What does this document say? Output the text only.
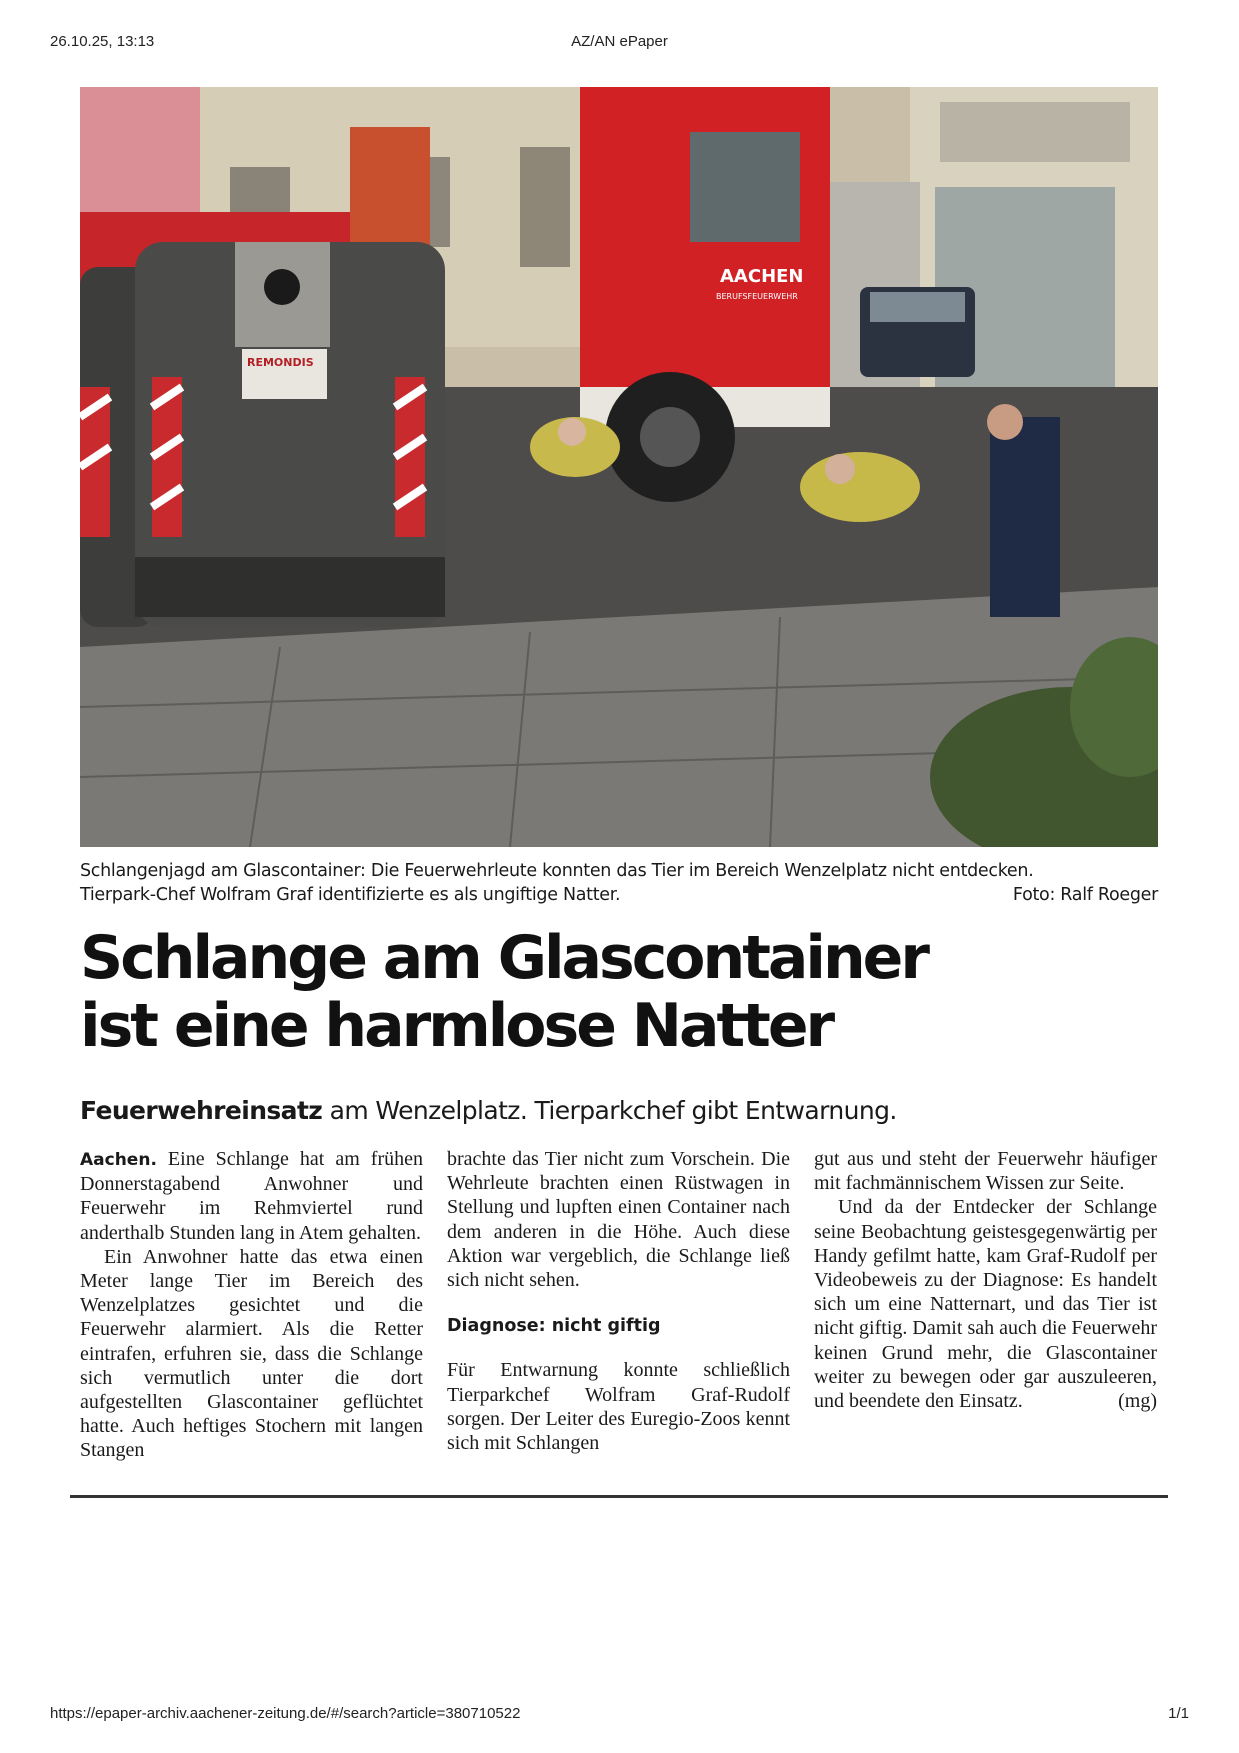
26.10.25, 13:13	AZ/AN ePaper
AACHEN
BERUFSFEUERWEHR
REMONDIS
Schlangenjagd am Glascontainer: Die Feuerwehrleute konnten das Tier im Bereich Wenzelplatz nicht entdecken.
Tierpark-Chef Wolfram Graf identifizierte es als ungiftige Natter.	Foto: Ralf Roeger
Schlange am Glascontainer
ist eine harmlose Natter
Feuerwehreinsatz am Wenzelplatz. Tierparkchef gibt Entwarnung.

Aachen. Eine Schlange hat am frühen Donnerstagabend Anwohner und Feuerwehr im Rehmviertel rund anderthalb Stunden lang in Atem gehalten.

Ein Anwohner hatte das etwa einen Meter lange Tier im Bereich des Wenzelplatzes gesichtet und die Feuerwehr alarmiert. Als die Retter eintrafen, erfuhren sie, dass die Schlange sich vermutlich unter die dort aufgestellten Glascontainer geflüchtet hatte. Auch heftiges Stochern mit langen Stangen

brachte das Tier nicht zum Vorschein. Die Wehrleute brachten einen Rüstwagen in Stellung und lupften einen Container nach dem anderen in die Höhe. Auch diese Aktion war vergeblich, die Schlange ließ sich nicht sehen.

Diagnose: nicht giftig

Für Entwarnung konnte schließlich Tierparkchef Wolfram Graf-Rudolf sorgen. Der Leiter des Euregio-Zoos kennt sich mit Schlangen

gut aus und steht der Feuerwehr häufiger mit fachmännischem Wissen zur Seite.

Und da der Entdecker der Schlange seine Beobachtung geistesgegenwärtig per Handy gefilmt hatte, kam Graf-Rudolf per Videobeweis zu der Diagnose: Es handelt sich um eine Natternart, und das Tier ist nicht giftig. Damit sah auch die Feuerwehr keinen Grund mehr, die Glascontainer weiter zu bewegen oder gar auszuleeren, und beendete den Einsatz.	(mg)

https://epaper-archiv.aachener-zeitung.de/#/search?article=380710522	1/1
